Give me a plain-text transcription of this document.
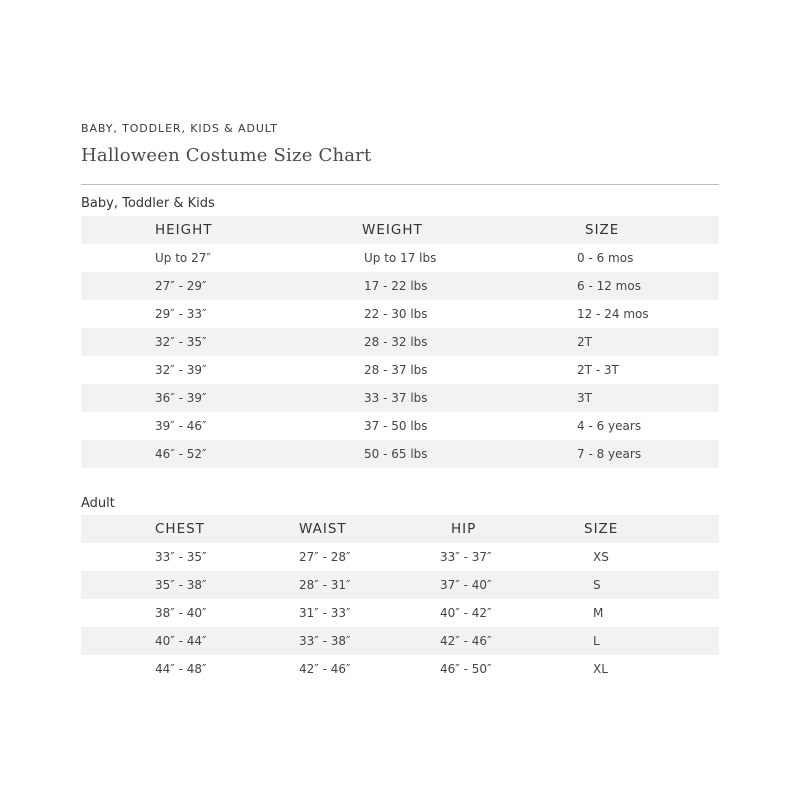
BABY, TODDLER, KIDS & ADULT
Halloween Costume Size Chart
Baby, Toddler & Kids
HEIGHT	WEIGHT	SIZE
Up to 27″	Up to 17 lbs	0 - 6 mos
27″ - 29″	17 - 22 lbs	6 - 12 mos
29″ - 33″	22 - 30 lbs	12 - 24 mos
32″ - 35″	28 - 32 lbs	2T
32″ - 39″	28 - 37 lbs	2T - 3T
36″ - 39″	33 - 37 lbs	3T
39″ - 46″	37 - 50 lbs	4 - 6 years
46″ - 52″	50 - 65 lbs	7 - 8 years
Adult
CHEST	WAIST	HIP	SIZE
33″ - 35″	27″ - 28″	33″ - 37″	XS
35″ - 38″	28″ - 31″	37″ - 40″	S
38″ - 40″	31″ - 33″	40″ - 42″	M
40″ - 44″	33″ - 38″	42″ - 46″	L
44″ - 48″	42″ - 46″	46″ - 50″	XL
